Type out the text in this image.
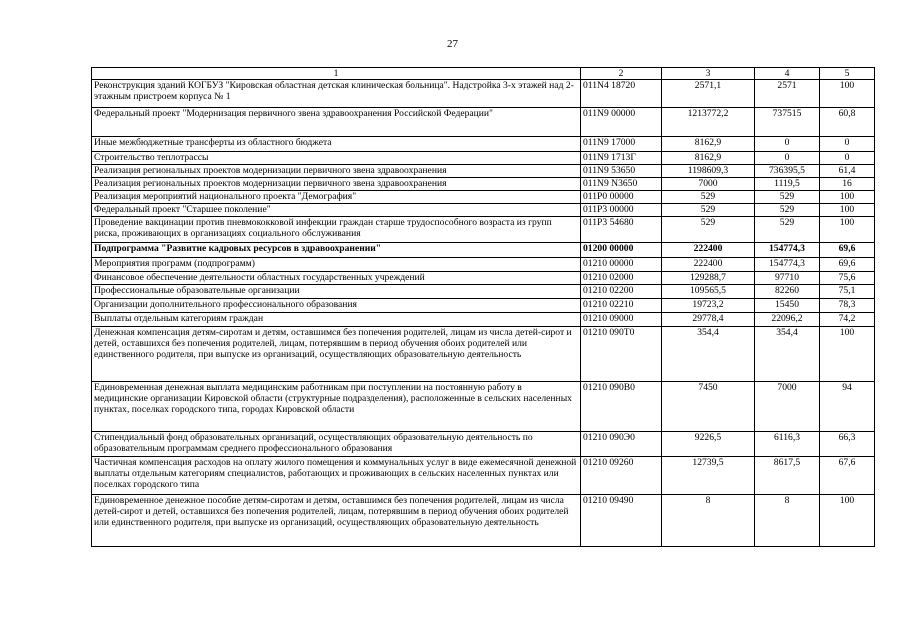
27
1	2	3	4	5
Реконструкция зданий КОГБУЗ "Кировская областная детская клиническая больница". Надстройка 3-х этажей над 2-этажным пристроем корпуса № 1	011N4 18720	2571,1	2571	100
Федеральный проект "Модернизация первичного звена здравоохранения Российской Федерации"	011N9 00000	1213772,2	737515	60,8
Иные межбюджетные трансферты из областного бюджета	011N9 17000	8162,9	0	0
Строительство теплотрассы	011N9 1713Г	8162,9	0	0
Реализация региональных проектов модернизации первичного звена здравоохранения	011N9 53650	1198609,3	736395,5	61,4
Реализация региональных проектов модернизации первичного звена здравоохранения	011N9 N3650	7000	1119,5	16
Реализация мероприятий национального проекта "Демография"	011P0 00000	529	529	100
Федеральный проект "Старшее поколение"	011P3 00000	529	529	100
Проведение вакцинации против пневмококковой инфекции граждан старше трудоспособного возраста из групп риска, проживающих в организациях социального обслуживания	011P3 54680	529	529	100
Подпрограмма "Развитие кадровых ресурсов в здравоохранении"	01200 00000	222400	154774,3	69,6
Мероприятия программ (подпрограмм)	01210 00000	222400	154774,3	69,6
Финансовое обеспечение деятельности областных государственных учреждений	01210 02000	129288,7	97710	75,6
Профессиональные образовательные организации	01210 02200	109565,5	82260	75,1
Организации дополнительного профессионального образования	01210 02210	19723,2	15450	78,3
Выплаты отдельным категориям граждан	01210 09000	29778,4	22096,2	74,2
Денежная компенсация детям-сиротам и детям, оставшимся без попечения родителей, лицам из числа детей-сирот и детей, оставшихся без попечения родителей, лицам, потерявшим в период обучения обоих родителей или единственного родителя, при выпуске из организаций, осуществляющих образовательную деятельность	01210 090Т0	354,4	354,4	100
Единовременная денежная выплата медицинским работникам при поступлении на постоянную работу в медицинские организации Кировской области (структурные подразделения), расположенные в сельских населенных пунктах, поселках городского типа, городах Кировской области	01210 090В0	7450	7000	94
Стипендиальный фонд образовательных организаций, осуществляющих образовательную деятельность по образовательным программам среднего профессионального образования	01210 090Э0	9226,5	6116,3	66,3
Частичная компенсация расходов на оплату жилого помещения и коммунальных услуг в виде ежемесячной денежной выплаты отдельным категориям специалистов, работающих и проживающих в сельских населенных пунктах или поселках городского типа	01210 09260	12739,5	8617,5	67,6
Единовременное денежное пособие детям-сиротам и детям, оставшимся без попечения родителей, лицам из числа детей-сирот и детей, оставшихся без попечения родителей, лицам, потерявшим в период обучения обоих родителей или единственного родителя, при выпуске из организаций, осуществляющих образовательную деятельность	01210 09490	8	8	100
